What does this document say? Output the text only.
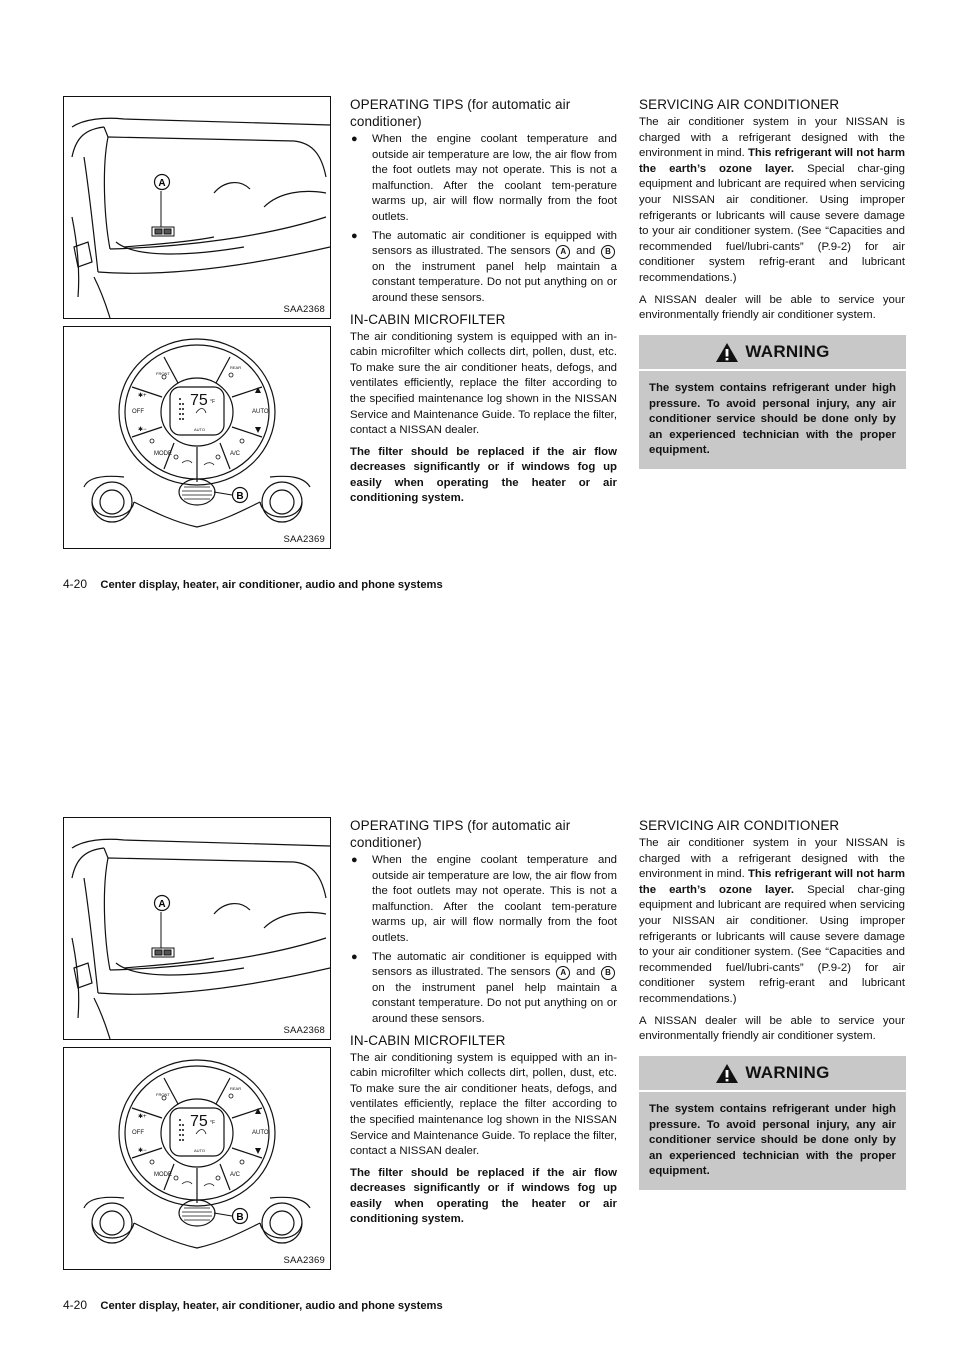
A
SAA2368
OFF	AUTO
MODE	A/C
FRONT
REAR
✱+
✱−
75 °F
AUTO
B
SAA2369
OPERATING TIPS (for automatic air conditioner)
● When the engine coolant temperature and outside air temperature are low, the air flow from the foot outlets may not operate. This is not a malfunction. After the coolant tem-perature warms up, air will flow normally from the foot outlets.
● The automatic air conditioner is equipped with sensors as illustrated. The sensors A and B on the instrument panel help maintain a constant temperature. Do not put anything on or around these sensors.
IN-CABIN MICROFILTER

The air conditioning system is equipped with an in-cabin microfilter which collects dirt, pollen, dust, etc. To make sure the air conditioner heats, defogs, and ventilates efficiently, replace the filter according to the specified maintenance log shown in the NISSAN Service and Maintenance Guide. To replace the filter, contact a NISSAN dealer.

The filter should be replaced if the air flow decreases significantly or if windows fog up easily when operating the heater or air conditioning system.

SERVICING AIR CONDITIONER

The air conditioner system in your NISSAN is charged with a refrigerant designed with the environment in mind. This refrigerant will not harm the earth’s ozone layer. Special char-ging equipment and lubricant are required when servicing your NISSAN air conditioner. Using improper refrigerants or lubricants will cause severe damage to your air conditioner system. (See “Capacities and recommended fuel/lubri-cants” (P.9-2) for air conditioner system refrig-erant and lubricant recommendations.)

A NISSAN dealer will be able to service your environmentally friendly air conditioner system.

WARNING
The system contains refrigerant under high pressure. To avoid personal injury, any air conditioner service should be done only by an experienced technician with the proper equipment.
4-20 Center display, heater, air conditioner, audio and phone systems
A
SAA2368
OFF	AUTO
MODE	A/C
FRONT
REAR
✱+
✱−
75 °F
AUTO
B
SAA2369
OPERATING TIPS (for automatic air conditioner)
● When the engine coolant temperature and outside air temperature are low, the air flow from the foot outlets may not operate. This is not a malfunction. After the coolant tem-perature warms up, air will flow normally from the foot outlets.
● The automatic air conditioner is equipped with sensors as illustrated. The sensors A and B on the instrument panel help maintain a constant temperature. Do not put anything on or around these sensors.
IN-CABIN MICROFILTER

The air conditioning system is equipped with an in-cabin microfilter which collects dirt, pollen, dust, etc. To make sure the air conditioner heats, defogs, and ventilates efficiently, replace the filter according to the specified maintenance log shown in the NISSAN Service and Maintenance Guide. To replace the filter, contact a NISSAN dealer.

The filter should be replaced if the air flow decreases significantly or if windows fog up easily when operating the heater or air conditioning system.

SERVICING AIR CONDITIONER

The air conditioner system in your NISSAN is charged with a refrigerant designed with the environment in mind. This refrigerant will not harm the earth’s ozone layer. Special char-ging equipment and lubricant are required when servicing your NISSAN air conditioner. Using improper refrigerants or lubricants will cause severe damage to your air conditioner system. (See “Capacities and recommended fuel/lubri-cants” (P.9-2) for air conditioner system refrig-erant and lubricant recommendations.)

A NISSAN dealer will be able to service your environmentally friendly air conditioner system.

WARNING
The system contains refrigerant under high pressure. To avoid personal injury, any air conditioner service should be done only by an experienced technician with the proper equipment.
4-20 Center display, heater, air conditioner, audio and phone systems
